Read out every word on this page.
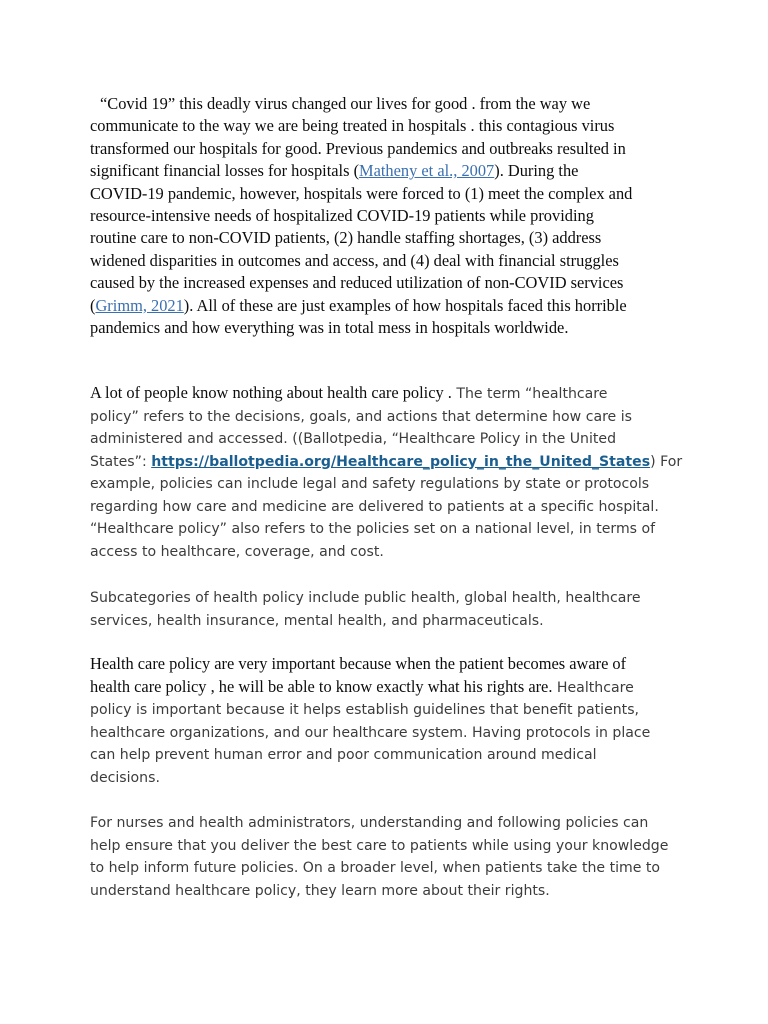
“Covid 19” this deadly virus changed our lives for good . from the way we
communicate to the way we are being treated in hospitals . this contagious virus
transformed our hospitals for good. Previous pandemics and outbreaks resulted in
significant financial losses for hospitals (Matheny et al., 2007). During the
COVID-19 pandemic, however, hospitals were forced to (1) meet the complex and
resource-intensive needs of hospitalized COVID-19 patients while providing
routine care to non-COVID patients, (2) handle staffing shortages, (3) address
widened disparities in outcomes and access, and (4) deal with financial struggles
caused by the increased expenses and reduced utilization of non-COVID services
(Grimm, 2021). All of these are just examples of how hospitals faced this horrible
pandemics and how everything was in total mess in hospitals worldwide.

A lot of people know nothing about health care policy . The term “healthcare
policy” refers to the decisions, goals, and actions that determine how care is
administered and accessed. ((Ballotpedia, “Healthcare Policy in the United
States”: https://ballotpedia.org/Healthcare_policy_in_the_United_States) For
example, policies can include legal and safety regulations by state or protocols
regarding how care and medicine are delivered to patients at a specific hospital.
“Healthcare policy” also refers to the policies set on a national level, in terms of
access to healthcare, coverage, and cost.

Subcategories of health policy include public health, global health, healthcare
services, health insurance, mental health, and pharmaceuticals.

Health care policy are very important because when the patient becomes aware of
health care policy , he will be able to know exactly what his rights are. Healthcare
policy is important because it helps establish guidelines that benefit patients,
healthcare organizations, and our healthcare system. Having protocols in place
can help prevent human error and poor communication around medical
decisions.

For nurses and health administrators, understanding and following policies can
help ensure that you deliver the best care to patients while using your knowledge
to help inform future policies. On a broader level, when patients take the time to
understand healthcare policy, they learn more about their rights.
